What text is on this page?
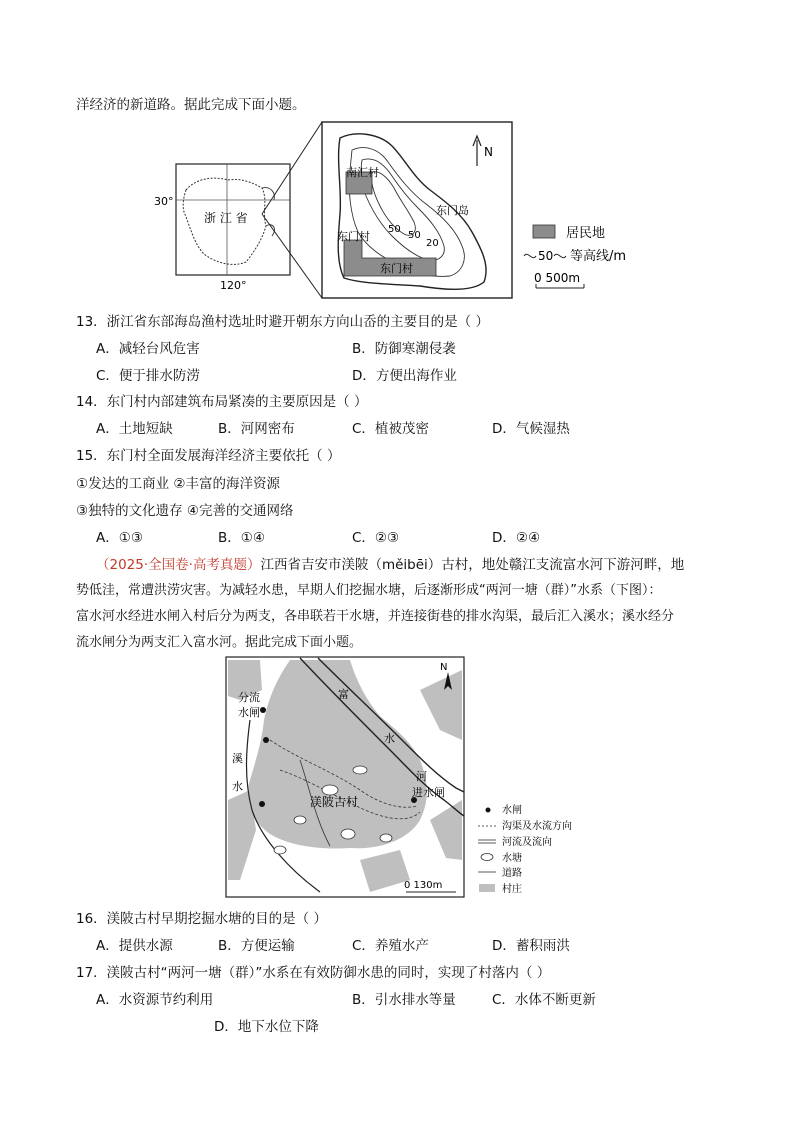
洋经济的新道路。据此完成下面小题。
30°
120°
浙 江 省
南汇村
东门村
东门村
东门岛
50
50
20
N
居民地
50 等高线/m
0 500m
13．浙江省东部海岛渔村选址时避开朝东方向山岙的主要目的是（ ）
A．减轻台风危害	B．防御寒潮侵袭
C．便于排水防涝	D．方便出海作业
14．东门村内部建筑布局紧凑的主要原因是（ ）
A．土地短缺	B．河网密布	C．植被茂密	D．气候湿热
15．东门村全面发展海洋经济主要依托（ ）
①发达的工商业 ②丰富的海洋资源
③独特的文化遗存 ④完善的交通网络
A．①③	B．①④	C．②③	D．②④
（2025·全国卷·高考真题）江西省吉安市渼陂（měibēi）古村，地处赣江支流富水河下游河畔，地
势低洼，常遭洪涝灾害。为减轻水患，早期人们挖掘水塘，后逐渐形成“两河一塘（群）”水系（下图）：
富水河水经进水闸入村后分为两支，各串联若干水塘，并连接街巷的排水沟渠，最后汇入溪水；溪水经分
流水闸分为两支汇入富水河。据此完成下面小题。
分流
水闸
溪
水
富
水
河
渼陂古村
进水闸
N
0 130m
水闸
沟渠及水流方向
河流及流向
水塘
道路
村庄
16．渼陂古村早期挖掘水塘的目的是（ ）
A．提供水源	B．方便运输	C．养殖水产	D．蓄积雨洪
17．渼陂古村“两河一塘（群）”水系在有效防御水患的同时，实现了村落内（ ）
A．水资源节约利用	B．引水排水等量	C．水体不断更新
D．地下水位下降
